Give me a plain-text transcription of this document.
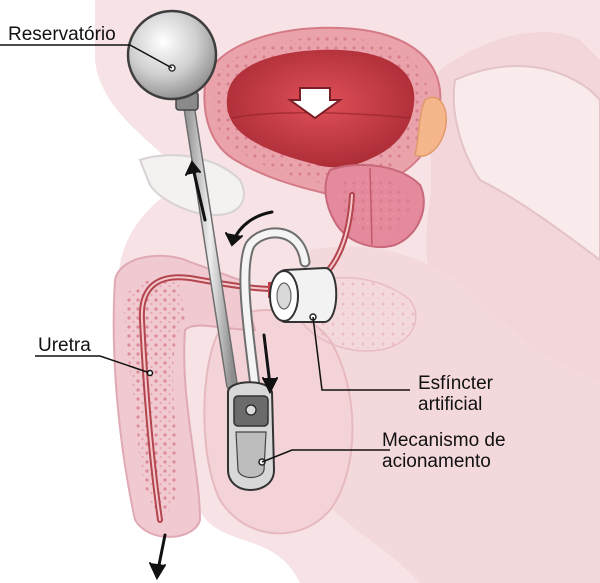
Reservatório
Uretra
Esfíncter
artificial
Mecanismo de
acionamento
